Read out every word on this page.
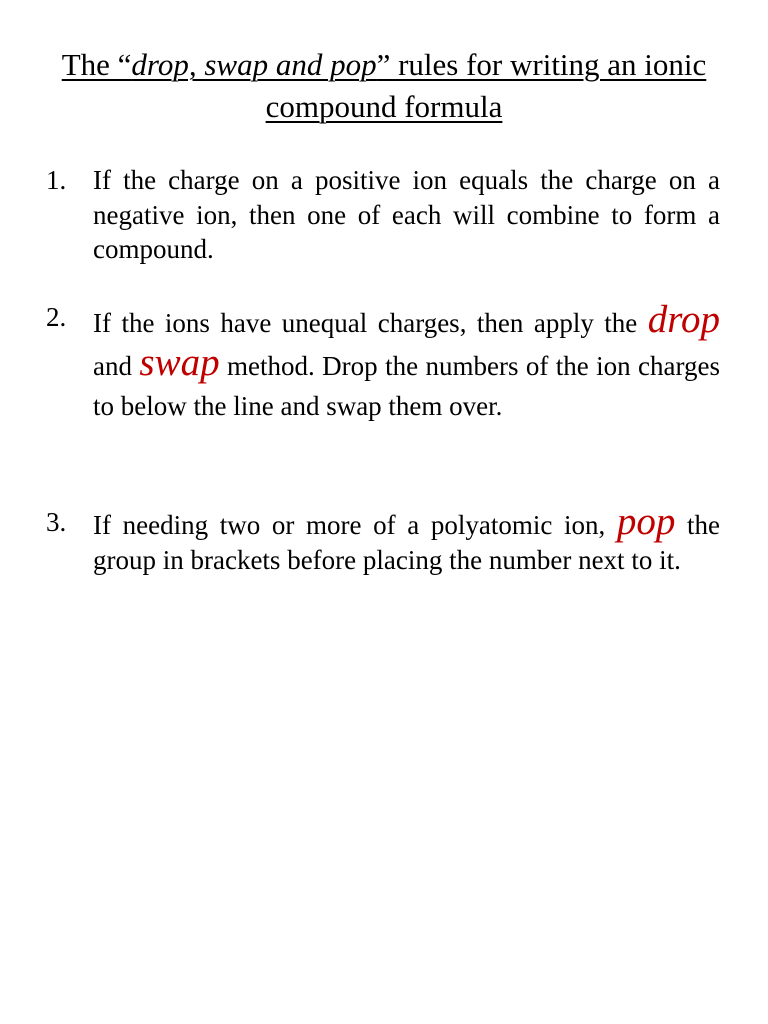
The “drop, swap and pop” rules for writing an ionic compound formula
1. If the charge on a positive ion equals the charge on a negative ion, then one of each will combine to form a compound.
2. If the ions have unequal charges, then apply the drop and swap method. Drop the numbers of the ion charges to below the line and swap them over.
3. If needing two or more of a polyatomic ion, pop the group in brackets before placing the number next to it.
